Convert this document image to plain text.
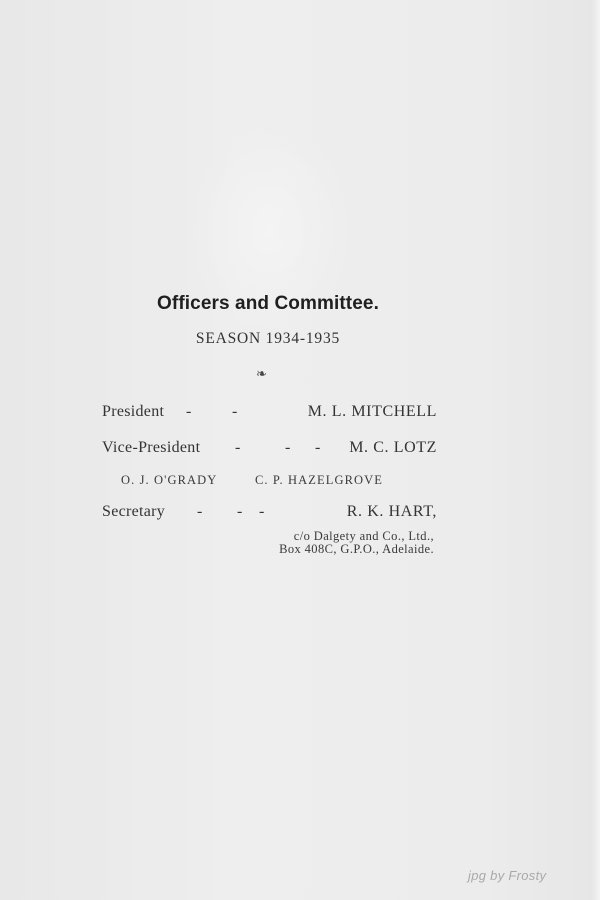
Officers and Committee.
SEASON 1934-1935
❧
President -	-	M. L. MITCHELL
Vice-President -	- - M. C. LOTZ
O. J. O'GRADY	C. P. HAZELGROVE
Secretary - - -	R. K. HART,
c/o Dalgety and Co., Ltd.,
Box 408C, G.P.O., Adelaide.
jpg by Frosty
